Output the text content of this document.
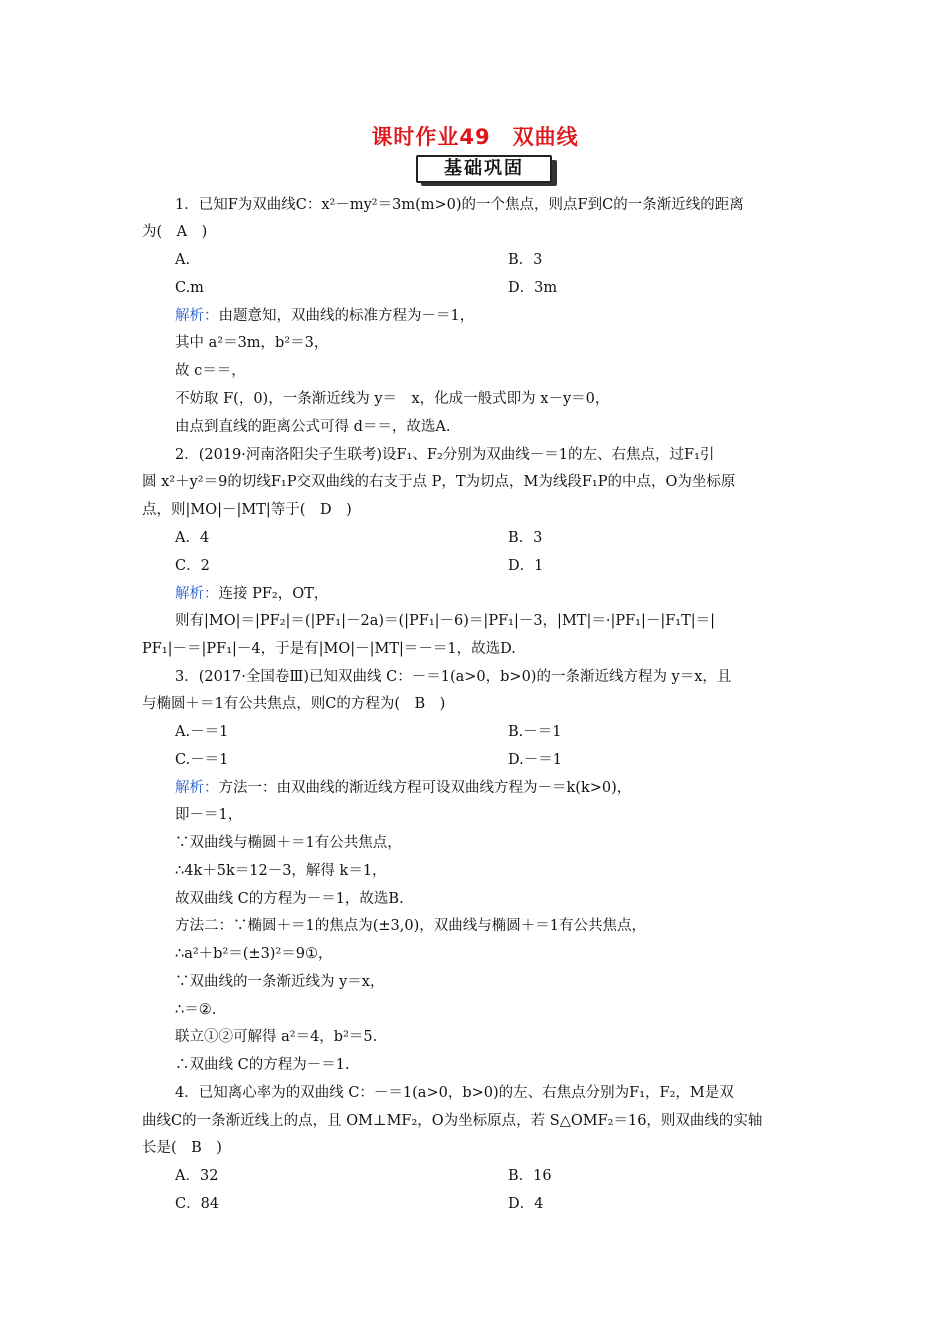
课时作业49 双曲线
基础巩固
1．已知F为双曲线C：x²－my²＝3m(m>0)的一个焦点，则点F到C的一条渐近线的距离
为(　A　)
A.	B．3
C.m	D．3m
解析：由题意知，双曲线的标准方程为－＝1，
其中 a²＝3m，b²＝3，
故 c＝＝，
不妨取 F(，0)，一条渐近线为 y＝　x，化成一般式即为 x－y＝0，
由点到直线的距离公式可得 d＝＝，故选A.
2．(2019·河南洛阳尖子生联考)设F₁、F₂分别为双曲线－＝1的左、右焦点，过F₁引
圆 x²＋y²＝9的切线F₁P交双曲线的右支于点 P，T为切点，M为线段F₁P的中点，O为坐标原
点，则|MO|－|MT|等于(　D　)
A．4	B．3
C．2	D．1
解析：连接 PF₂，OT，
则有|MO|＝|PF₂|＝(|PF₁|－2a)＝(|PF₁|－6)＝|PF₁|－3，|MT|＝·|PF₁|－|F₁T|＝|
PF₁|－＝|PF₁|－4，于是有|MO|－|MT|＝－＝1，故选D.
3．(2017·全国卷Ⅲ)已知双曲线 C：－＝1(a>0，b>0)的一条渐近线方程为 y＝x，且
与椭圆＋＝1有公共焦点，则C的方程为(　B　)
A.－＝1	B.－＝1
C.－＝1	D.－＝1
解析：方法一：由双曲线的渐近线方程可设双曲线方程为－＝k(k>0)，
即－＝1，
∵双曲线与椭圆＋＝1有公共焦点，
∴4k＋5k＝12－3，解得 k＝1，
故双曲线 C的方程为－＝1，故选B.
方法二：∵椭圆＋＝1的焦点为(±3,0)，双曲线与椭圆＋＝1有公共焦点，
∴a²＋b²＝(±3)²＝9①，
∵双曲线的一条渐近线为 y＝x，
∴＝②.
联立①②可解得 a²＝4，b²＝5.
∴双曲线 C的方程为－＝1.
4．已知离心率为的双曲线 C：－＝1(a>0，b>0)的左、右焦点分别为F₁，F₂，M是双
曲线C的一条渐近线上的点，且 OM⊥MF₂，O为坐标原点，若 S△OMF₂＝16，则双曲线的实轴
长是(　B　)
A．32	B．16
C．84	D．4
